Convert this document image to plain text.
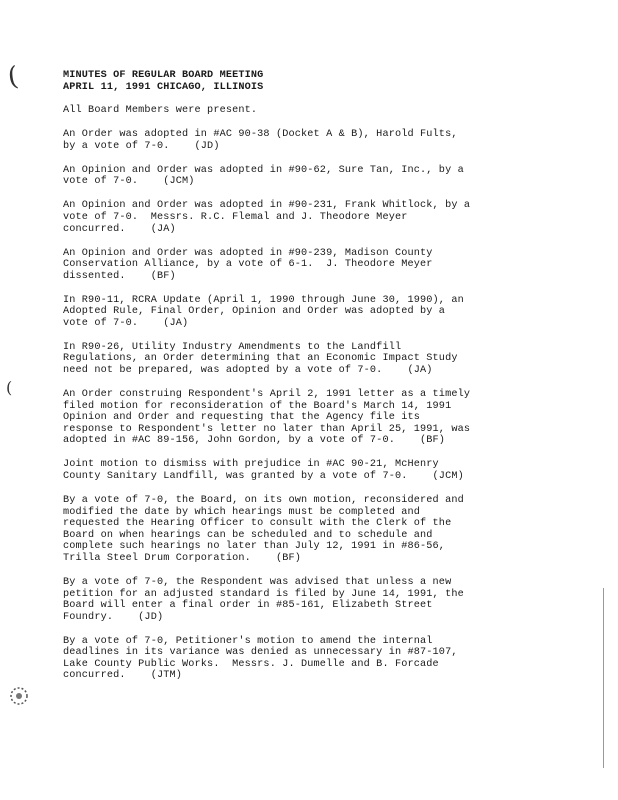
(
(

MINUTES OF REGULAR BOARD MEETING

APRIL 11, 1991 CHICAGO, ILLINOIS

All Board Members were present.
An Order was adopted in #AC 90-38 (Docket A & B), Harold Fults,
by a vote of 7-0.    (JD)
An Opinion and Order was adopted in #90-62, Sure Tan, Inc., by a
vote of 7-0.    (JCM)
An Opinion and Order was adopted in #90-231, Frank Whitlock, by a
vote of 7-0.  Messrs. R.C. Flemal and J. Theodore Meyer
concurred.    (JA)
An Opinion and Order was adopted in #90-239, Madison County
Conservation Alliance, by a vote of 6-1.  J. Theodore Meyer
dissented.    (BF)
In R90-11, RCRA Update (April 1, 1990 through June 30, 1990), an
Adopted Rule, Final Order, Opinion and Order was adopted by a
vote of 7-0.    (JA)
In R90-26, Utility Industry Amendments to the Landfill
Regulations, an Order determining that an Economic Impact Study
need not be prepared, was adopted by a vote of 7-0.    (JA)
An Order construing Respondent's April 2, 1991 letter as a timely
filed motion for reconsideration of the Board's March 14, 1991
Opinion and Order and requesting that the Agency file its
response to Respondent's letter no later than April 25, 1991, was
adopted in #AC 89-156, John Gordon, by a vote of 7-0.    (BF)
Joint motion to dismiss with prejudice in #AC 90-21, McHenry
County Sanitary Landfill, was granted by a vote of 7-0.    (JCM)
By a vote of 7-0, the Board, on its own motion, reconsidered and
modified the date by which hearings must be completed and
requested the Hearing Officer to consult with the Clerk of the
Board on when hearings can be scheduled and to schedule and
complete such hearings no later than July 12, 1991 in #86-56,
Trilla Steel Drum Corporation.    (BF)
By a vote of 7-0, the Respondent was advised that unless a new
petition for an adjusted standard is filed by June 14, 1991, the
Board will enter a final order in #85-161, Elizabeth Street
Foundry.    (JD)
By a vote of 7-0, Petitioner's motion to amend the internal
deadlines in its variance was denied as unnecessary in #87-107,
Lake County Public Works.  Messrs. J. Dumelle and B. Forcade
concurred.    (JTM)
